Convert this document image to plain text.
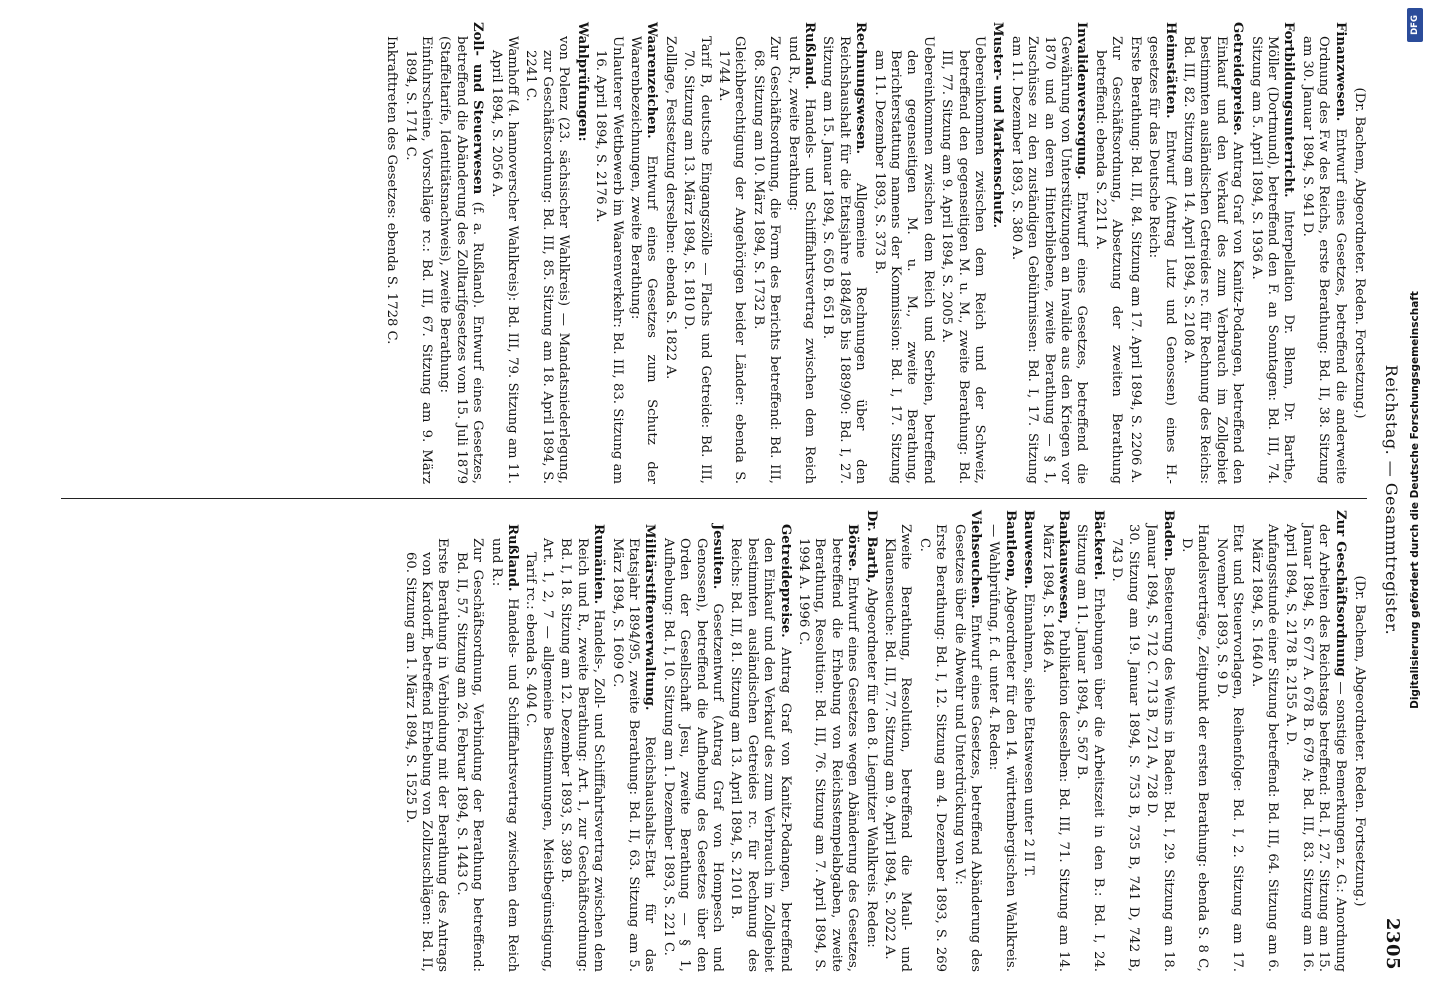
Reichstag. — Gesammtregister.
2305
(Dr. Bachem, Abgeordneter. Reden. Fortsetzung.)

Finanzwesen. Entwurf eines Gesetzes, betreffend die anderweite Ordnung des F.w des Reichs, erste Berathung: Bd. II, 38. Sitzung am 30. Januar 1894, S. 941 D.

Fortbildungsunterricht. Interpellation Dr. Blenn, Dr. Barthe, Möller (Dortmund), betreffend den F. an Sonntagen: Bd. III, 74. Sitzung am 5. April 1894, S. 1936 A.

Getreidepreise. Antrag Graf von Kanitz-Podangen, betreffend den Einkauf und den Verkauf des zum Verbrauch im Zollgebiet bestimmten ausländischen Getreides rc. für Rechnung des Reichs: Bd. III, 82. Sitzung am 14. April 1894, S. 2108 A.

Heimstätten. Entwurf (Antrag Lutz und Genossen) eines H.-gesetzes für das Deutsche Reich:

Erste Berathung: Bd. III, 84. Sitzung am 17. April 1894, S. 2206 A.

Zur Geschäftsordnung, Absetzung der zweiten Berathung betreffend: ebenda S. 2211 A.

Invalidenversorgung. Entwurf eines Gesetzes, betreffend die Gewährung von Unterstützungen an Invalide aus den Kriegen vor 1870 und an deren Hinterbliebene, zweite Berathung — § 1, Zuschüsse zu den zuständigen Gebührnissen: Bd. I, 17. Sitzung am 11. Dezember 1893, S. 380 A.

Muster- und Markenschutz.

Uebereinkommen zwischen dem Reich und der Schweiz, betreffend den gegenseitigen M. u. M., zweite Berathung: Bd. III, 77. Sitzung am 9. April 1894, S. 2005 A.

Uebereinkommen zwischen dem Reich und Serbien, betreffend den gegenseitigen M. u. M., zweite Berathung, Berichterstattung namens der Kommission: Bd. I, 17. Sitzung am 11. Dezember 1893, S. 373 B.

Rechnungswesen. Allgemeine Rechnungen über den Reichshaushalt für die Etatsjahre 1884/85 bis 1889/90: Bd. I, 27. Sitzung am 15. Januar 1894, S. 650 B. 651 B.

Rußland. Handels- und Schifffahrtsvertrag zwischen dem Reich und R., zweite Berathung:

Zur Geschäftsordnung, die Form des Berichts betreffend: Bd. III, 68. Sitzung am 10. März 1894, S. 1732 B.

Gleichberechtigung der Angehörigen beider Länder: ebenda S. 1744 A.

Tarif B, deutsche Eingangszölle — Flachs und Getreide: Bd. III, 70. Sitzung am 13. März 1894, S. 1810 D.

Zolllage, Festsetzung derselben: ebenda S. 1822 A.

Waarenzeichen. Entwurf eines Gesetzes zum Schutz der Waarenbezeichnungen, zweite Berathung:

Unlauterer Wettbewerb im Waarenverkehr: Bd. III, 83. Sitzung am 16. April 1894, S. 2176 A.

Wahlprüfungen:

von Polenz (23. sächsischer Wahlkreis) — Mandatsniederlegung, zur Geschäftsordnung: Bd. III, 85. Sitzung am 18. April 1894, S. 2241 C.

Wamhoff (4. hannoverscher Wahlkreis): Bd. III, 79. Sitzung am 11. April 1894, S. 2056 A.

Zoll- und Steuerwesen (f. a. Rußland). Entwurf eines Gesetzes, betreffend die Abänderung des Zolltarifgesetzes vom 15. Juli 1879 (Staffeltarife, Identitätsnachweis), zweite Berathung:

Einfuhrscheine, Vorschläge rc.: Bd. III, 67. Sitzung am 9. März 1894, S. 1714 C.

Inkrafttreten des Gesetzes: ebenda S. 1728 C.

(Dr. Bachem, Abgeordneter. Reden. Fortsetzung.)

Zur Geschäftsordnung — sonstige Bemerkungen z. G.: Anordnung der Arbeiten des Reichstags betreffend: Bd. I, 27. Sitzung am 15. Januar 1894, S. 677 A. 678 B. 679 A; Bd. III, 83. Sitzung am 16. April 1894, S. 2178 B. 2155 A. D.

Anfangsstunde einer Sitzung betreffend: Bd. III, 64. Sitzung am 6. März 1894, S. 1640 A.

Etat und Steuervorlagen, Reihenfolge: Bd. I, 2. Sitzung am 17. November 1893, S. 9 D.

Handelsverträge, Zeitpunkt der ersten Berathung: ebenda S. 8 C, D.

Baden. Besteuerung des Weins in Baden: Bd. I, 29. Sitzung am 18. Januar 1894, S. 712 C. 713 B, 721 A, 728 D.

30. Sitzung am 19. Januar 1894, S. 753 B, 735 B, 741 D, 742 B, 743 D.

Bäckerei. Erhebungen über die Arbeitszeit in den B.: Bd. I, 24. Sitzung am 11. Januar 1894, S. 567 B.

Bankauswesen, Publikation desselben: Bd. III, 71. Sitzung am 14. März 1894, S. 1846 A.

Bauwesen. Einnahmen, siehe Etatswesen unter 2 II T.

Bantleon, Abgeordneter für den 14. württembergischen Wahlkreis. — Wahlprüfung, f. d. unter 4. Reden:

Viehseuchen. Entwurf eines Gesetzes, betreffend Abänderung des Gesetzes über die Abwehr und Unterdrückung von V.:

Erste Berathung: Bd. I, 12. Sitzung am 4. Dezember 1893, S. 269 C.

Zweite Berathung, Resolution, betreffend die Maul- und Klauenseuche: Bd. III, 77. Sitzung am 9. April 1894, S. 2022 A.

Dr. Barth, Abgeordneter für den 8. Liegnitzer Wahlkreis. Reden:

Börse. Entwurf eines Gesetzes wegen Abänderung des Gesetzes, betreffend die Erhebung von Reichsstempelabgaben, zweite Berathung, Resolution: Bd. III, 76. Sitzung am 7. April 1894, S. 1994 A. 1996 C.

Getreidepreise. Antrag Graf von Kanitz-Podangen, betreffend den Einkauf und den Verkauf des zum Verbrauch im Zollgebiet bestimmten ausländischen Getreides rc. für Rechnung des Reichs: Bd. III, 81. Sitzung am 13. April 1894, S. 2101 B.

Jesuiten. Gesetzentwurf (Antrag Graf von Hompesch und Genossen), betreffend die Aufhebung des Gesetzes über den Orden der Gesellschaft Jesu, zweite Berathung — § 1, Aufhebung: Bd. I, 10. Sitzung am 1. Dezember 1893, S. 221 C.

Militärstiftenverwaltung. Reichshaushalts-Etat für das Etatsjahr 1894/95, zweite Berathung: Bd. II, 63. Sitzung am 5. März 1894, S. 1609 C.

Rumänien. Handels-, Zoll- und Schifffahrtsvertrag zwischen dem Reich und R., zweite Berathung: Art. 1, zur Geschäftsordnung: Bd. I, 18. Sitzung am 12. Dezember 1893, S. 389 B.

Art. 1, 2, 7 — allgemeine Bestimmungen, Meistbegünstigung, Tarif rc.: ebenda S. 404 C.

Rußland. Handels- und Schifffahrtsvertrag zwischen dem Reich und R.:

Zur Geschäftsordnung, Verbindung der Berathung betreffend: Bd. II, 57. Sitzung am 26. Februar 1894, S. 1443 C.

Erste Berathung in Verbindung mit der Berathung des Antrags von Kardorff, betreffend Erhebung von Zollzuschlägen: Bd. II, 60. Sitzung am 1. März 1894, S. 1525 D.	Digitalisierung gefördert durch die Deutsche Forschungsgemeinschaft
DFG
